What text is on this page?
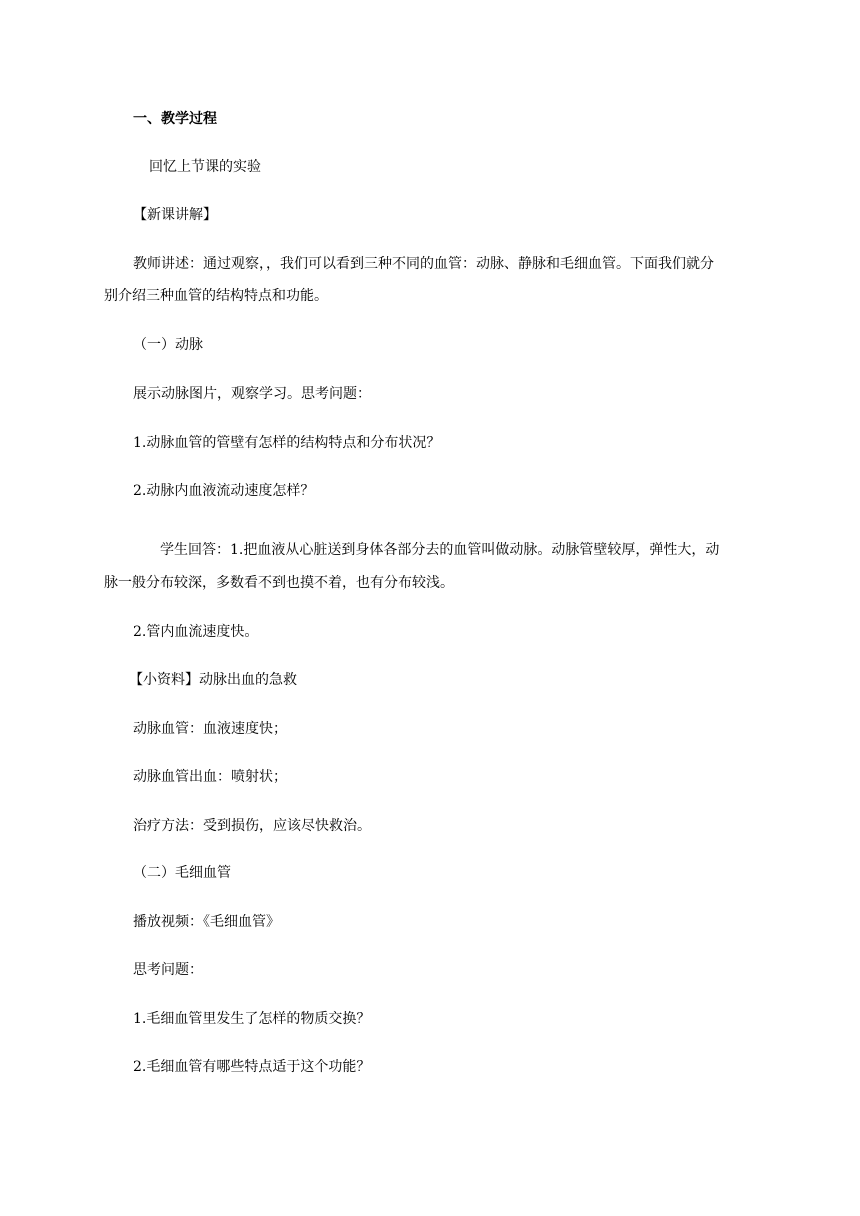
一、教学过程
回忆上节课的实验
【新课讲解】
教师讲述：通过观察，，我们可以看到三种不同的血管：动脉、静脉和毛细血管。下面我们就分
别介绍三种血管的结构特点和功能。
（一）动脉
展示动脉图片，观察学习。思考问题：
1.动脉血管的管壁有怎样的结构特点和分布状况？
2.动脉内血液流动速度怎样？
学生回答：1.把血液从心脏送到身体各部分去的血管叫做动脉。动脉管壁较厚，弹性大，动
脉一般分布较深，多数看不到也摸不着，也有分布较浅。
2.管内血流速度快。
【小资料】动脉出血的急救
动脉血管：血液速度快；
动脉血管出血：喷射状；
治疗方法：受到损伤，应该尽快救治。
（二）毛细血管
播放视频：《毛细血管》
思考问题：
1.毛细血管里发生了怎样的物质交换？
2.毛细血管有哪些特点适于这个功能？
